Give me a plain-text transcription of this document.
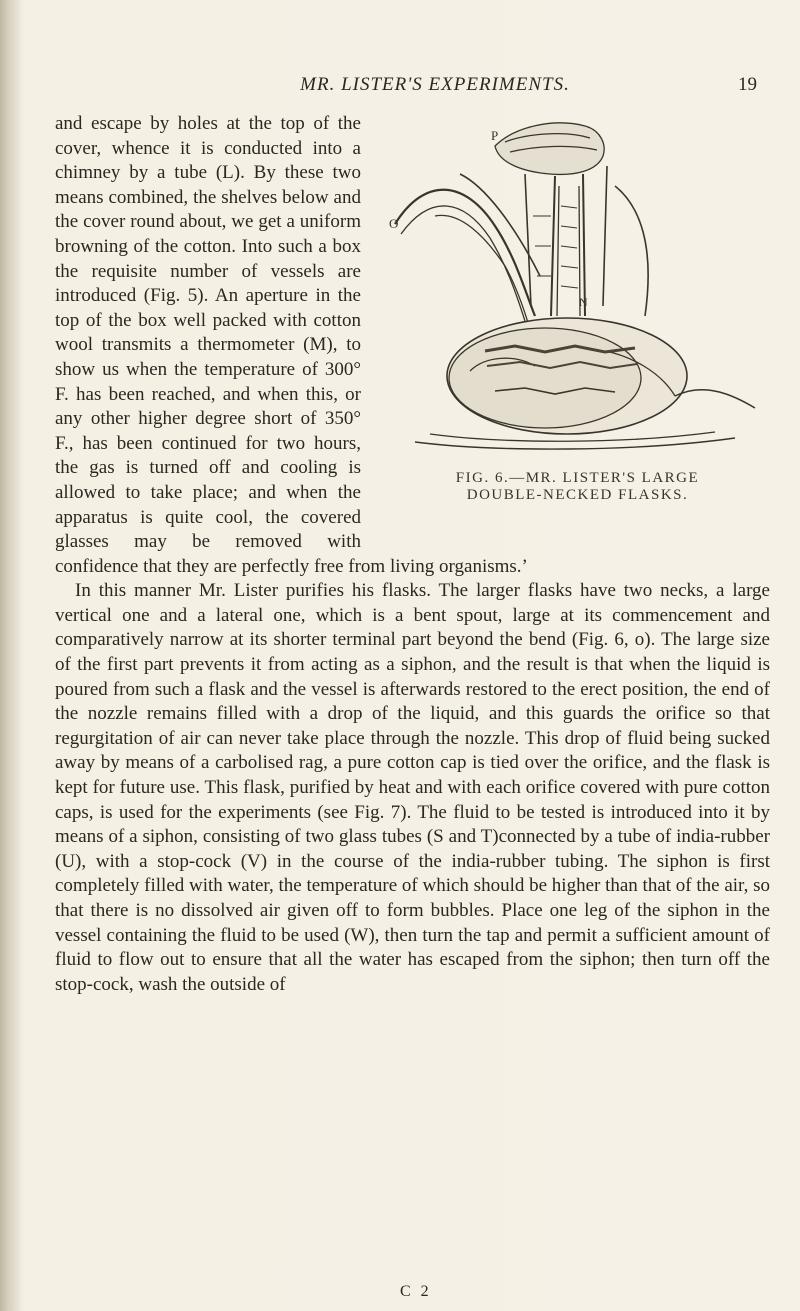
MR. LISTER'S EXPERIMENTS.	19

P
O
N
FIG. 6.—MR. LISTER'S LARGE
DOUBLE-NECKED FLASKS.
and escape by holes at the top of the cover, whence it is conducted into a chimney by a tube (L). By these two means combined, the shelves below and the cover round about, we get a uniform browning of the cotton. Into such a box the requisite number of vessels are introduced (Fig. 5). An aperture in the top of the box well packed with cotton wool transmits a thermometer (M), to show us when the temperature of 300° F. has been reached, and when this, or any other higher degree short of 350° F., has been continued for two hours, the gas is turned off and cooling is allowed to take place; and when the apparatus is quite cool, the covered glasses may be removed with confidence that they are perfectly free from living organisms.’

In this manner Mr. Lister purifies his flasks. The larger flasks have two necks, a large vertical one and a lateral one, which is a bent spout, large at its commencement and comparatively narrow at its shorter terminal part beyond the bend (Fig. 6, o). The large size of the first part prevents it from acting as a siphon, and the result is that when the liquid is poured from such a flask and the vessel is afterwards restored to the erect position, the end of the nozzle remains filled with a drop of the liquid, and this guards the orifice so that regurgitation of air can never take place through the nozzle. This drop of fluid being sucked away by means of a carbolised rag, a pure cotton cap is tied over the orifice, and the flask is kept for future use. This flask, purified by heat and with each orifice covered with pure cotton caps, is used for the experiments (see Fig. 7). The fluid to be tested is introduced into it by means of a siphon, consisting of two glass tubes (S and T)connected by a tube of india-rubber (U), with a stop-cock (V) in the course of the india-rubber tubing. The siphon is first completely filled with water, the temperature of which should be higher than that of the air, so that there is no dissolved air given off to form bubbles. Place one leg of the siphon in the vessel containing the fluid to be used (W), then turn the tap and permit a sufficient amount of fluid to flow out to ensure that all the water has escaped from the siphon; then turn off the stop-cock, wash the outside of

C 2
